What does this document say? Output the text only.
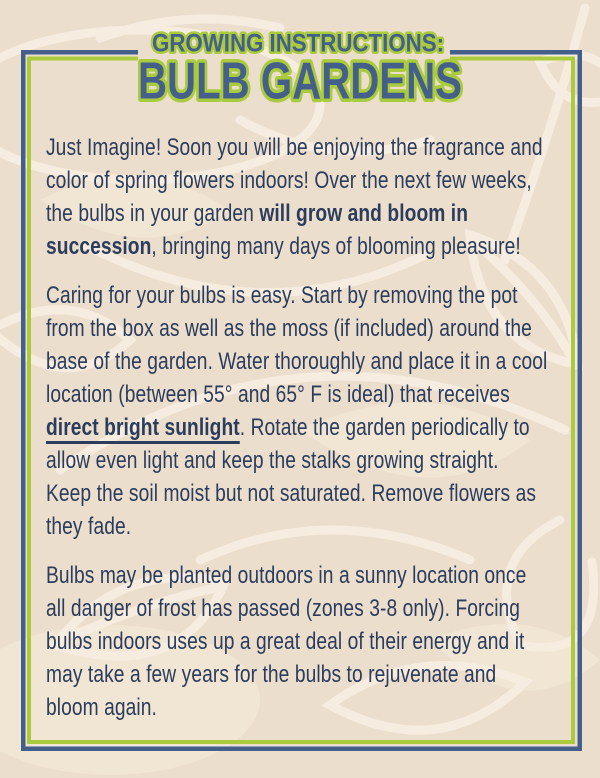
GROWING INSTRUCTIONS:
BULB GARDENS

Just Imagine! Soon you will be enjoying the fragrance and color of spring flowers indoors! Over the next few weeks, the bulbs in your garden will grow and bloom in succession, bringing many days of blooming pleasure!

Caring for your bulbs is easy. Start by removing the pot from the box as well as the moss (if included) around the base of the garden. Water thoroughly and place it in a cool location (between 55° and 65° F is ideal) that receives direct bright sunlight. Rotate the garden periodically to allow even light and keep the stalks growing straight. Keep the soil moist but not saturated. Remove flowers as they fade.

Bulbs may be planted outdoors in a sunny location once all danger of frost has passed (zones 3-8 only). Forcing bulbs indoors uses up a great deal of their energy and it may take a few years for the bulbs to rejuvenate and bloom again.
